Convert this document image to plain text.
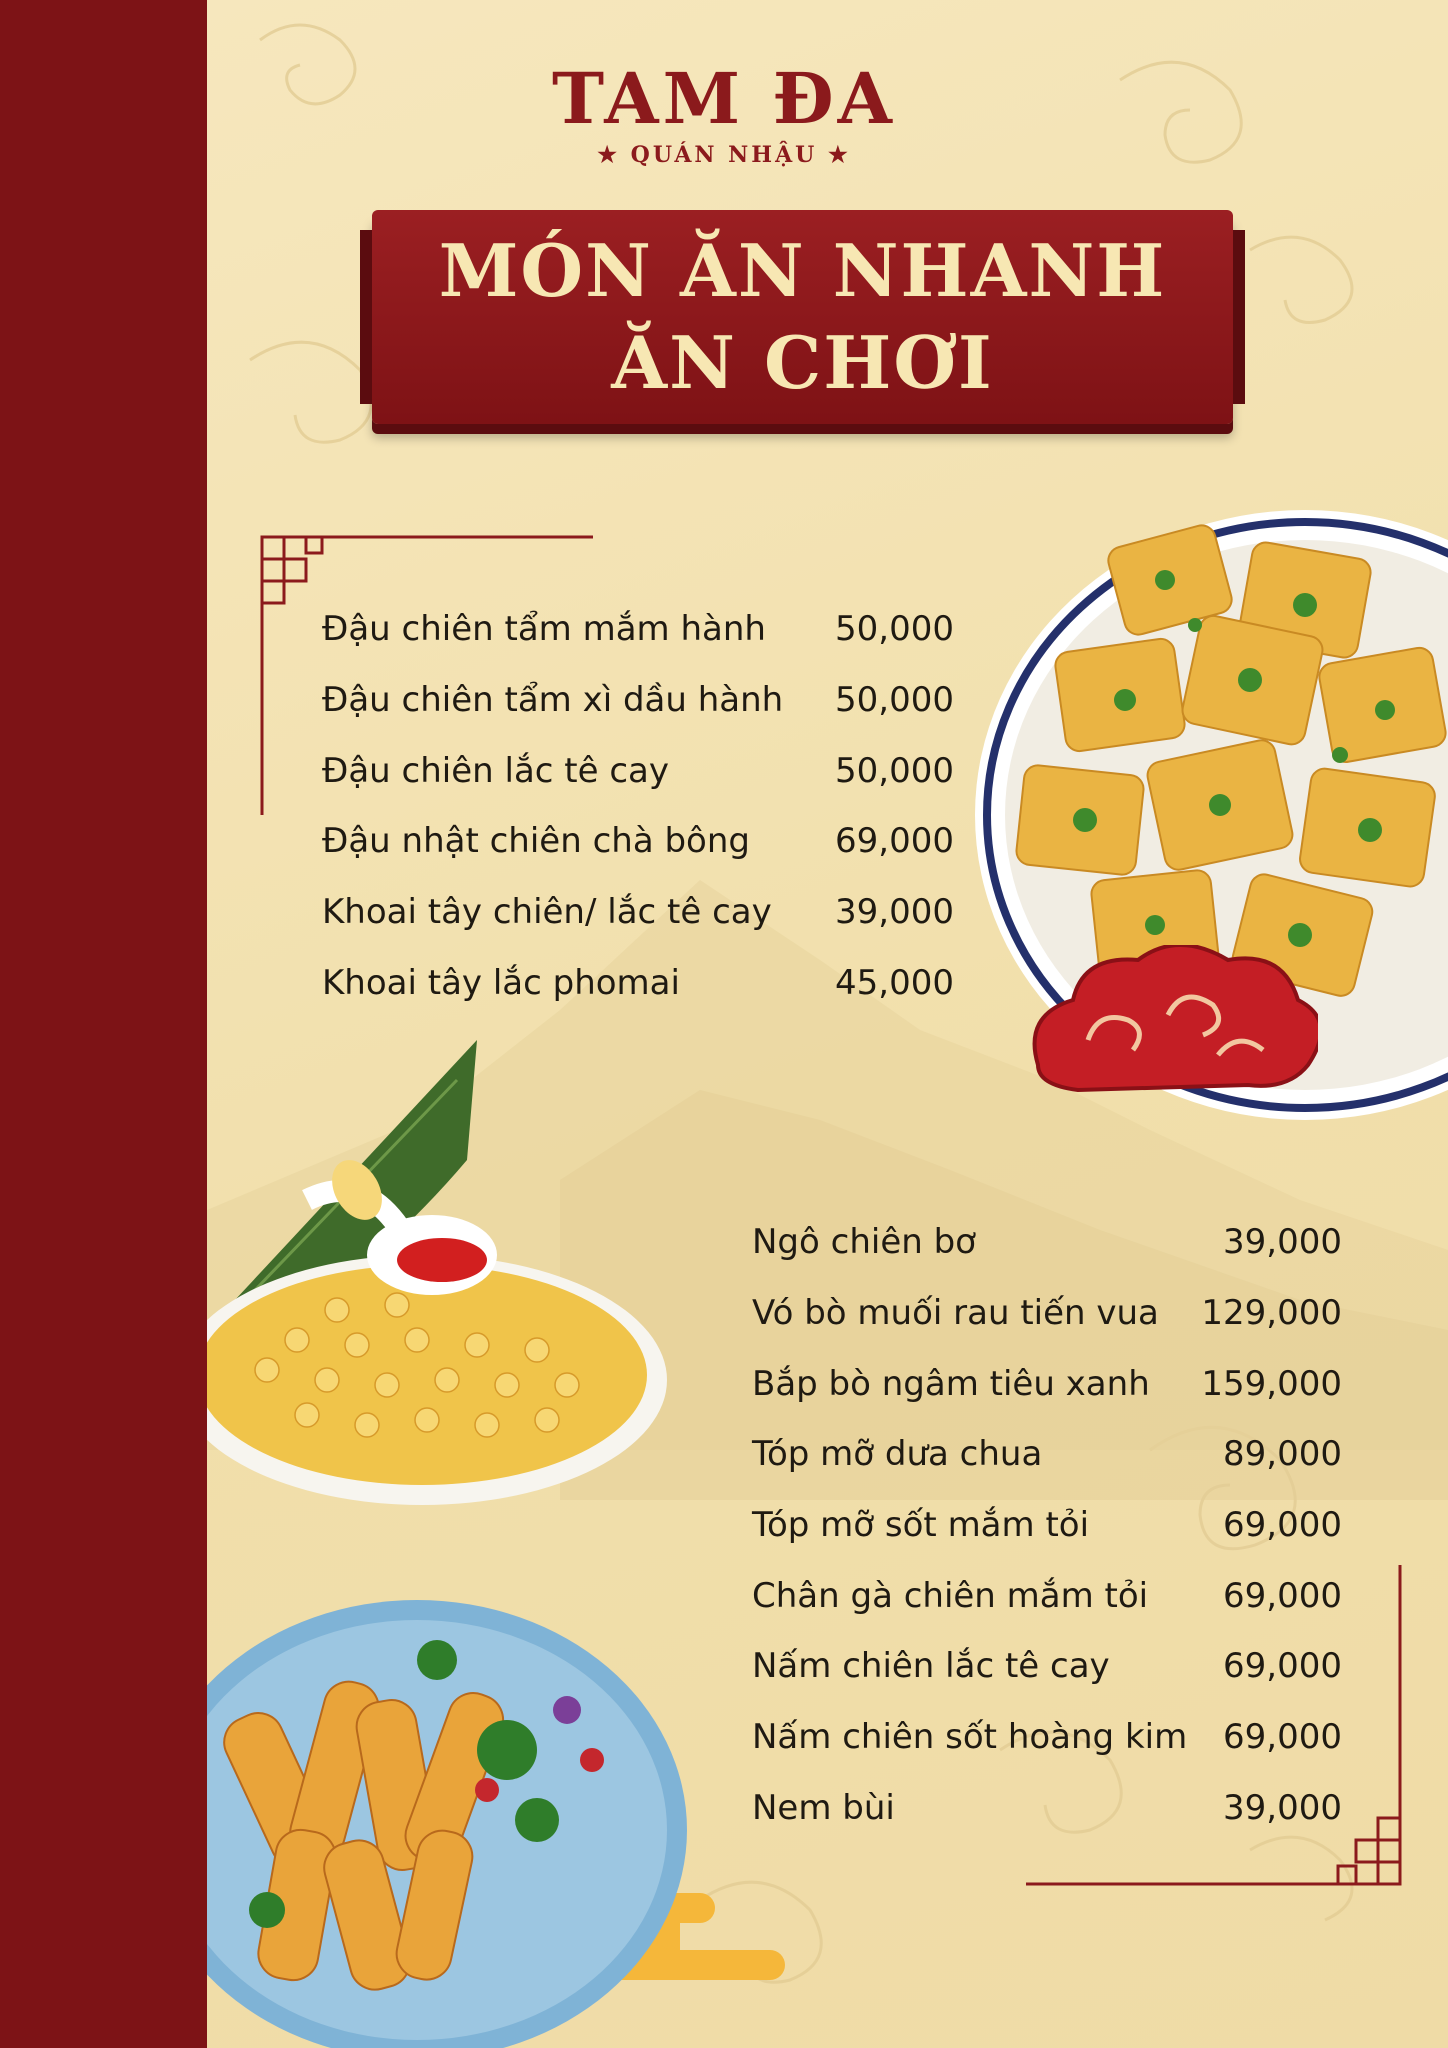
TAM ĐA
★ QUÁN NHẬU ★
MÓN ĂN NHANH
ĂN CHƠI
Đậu chiên tẩm mắm hành 50,000
Đậu chiên tẩm xì dầu hành 50,000
Đậu chiên lắc tê cay	50,000
Đậu nhật chiên chà bông	69,000
Khoai tây chiên/ lắc tê cay 39,000
Khoai tây lắc phomai	45,000
Ngô chiên bơ	39,000
Vó bò muối rau tiến vua 129,000
Bắp bò ngâm tiêu xanh 159,000
Tóp mỡ dưa chua	89,000
Tóp mỡ sốt mắm tỏi	69,000
Chân gà chiên mắm tỏi 69,000
Nấm chiên lắc tê cay	69,000
Nấm chiên sốt hoàng kim 69,000
Nem bùi	39,000
